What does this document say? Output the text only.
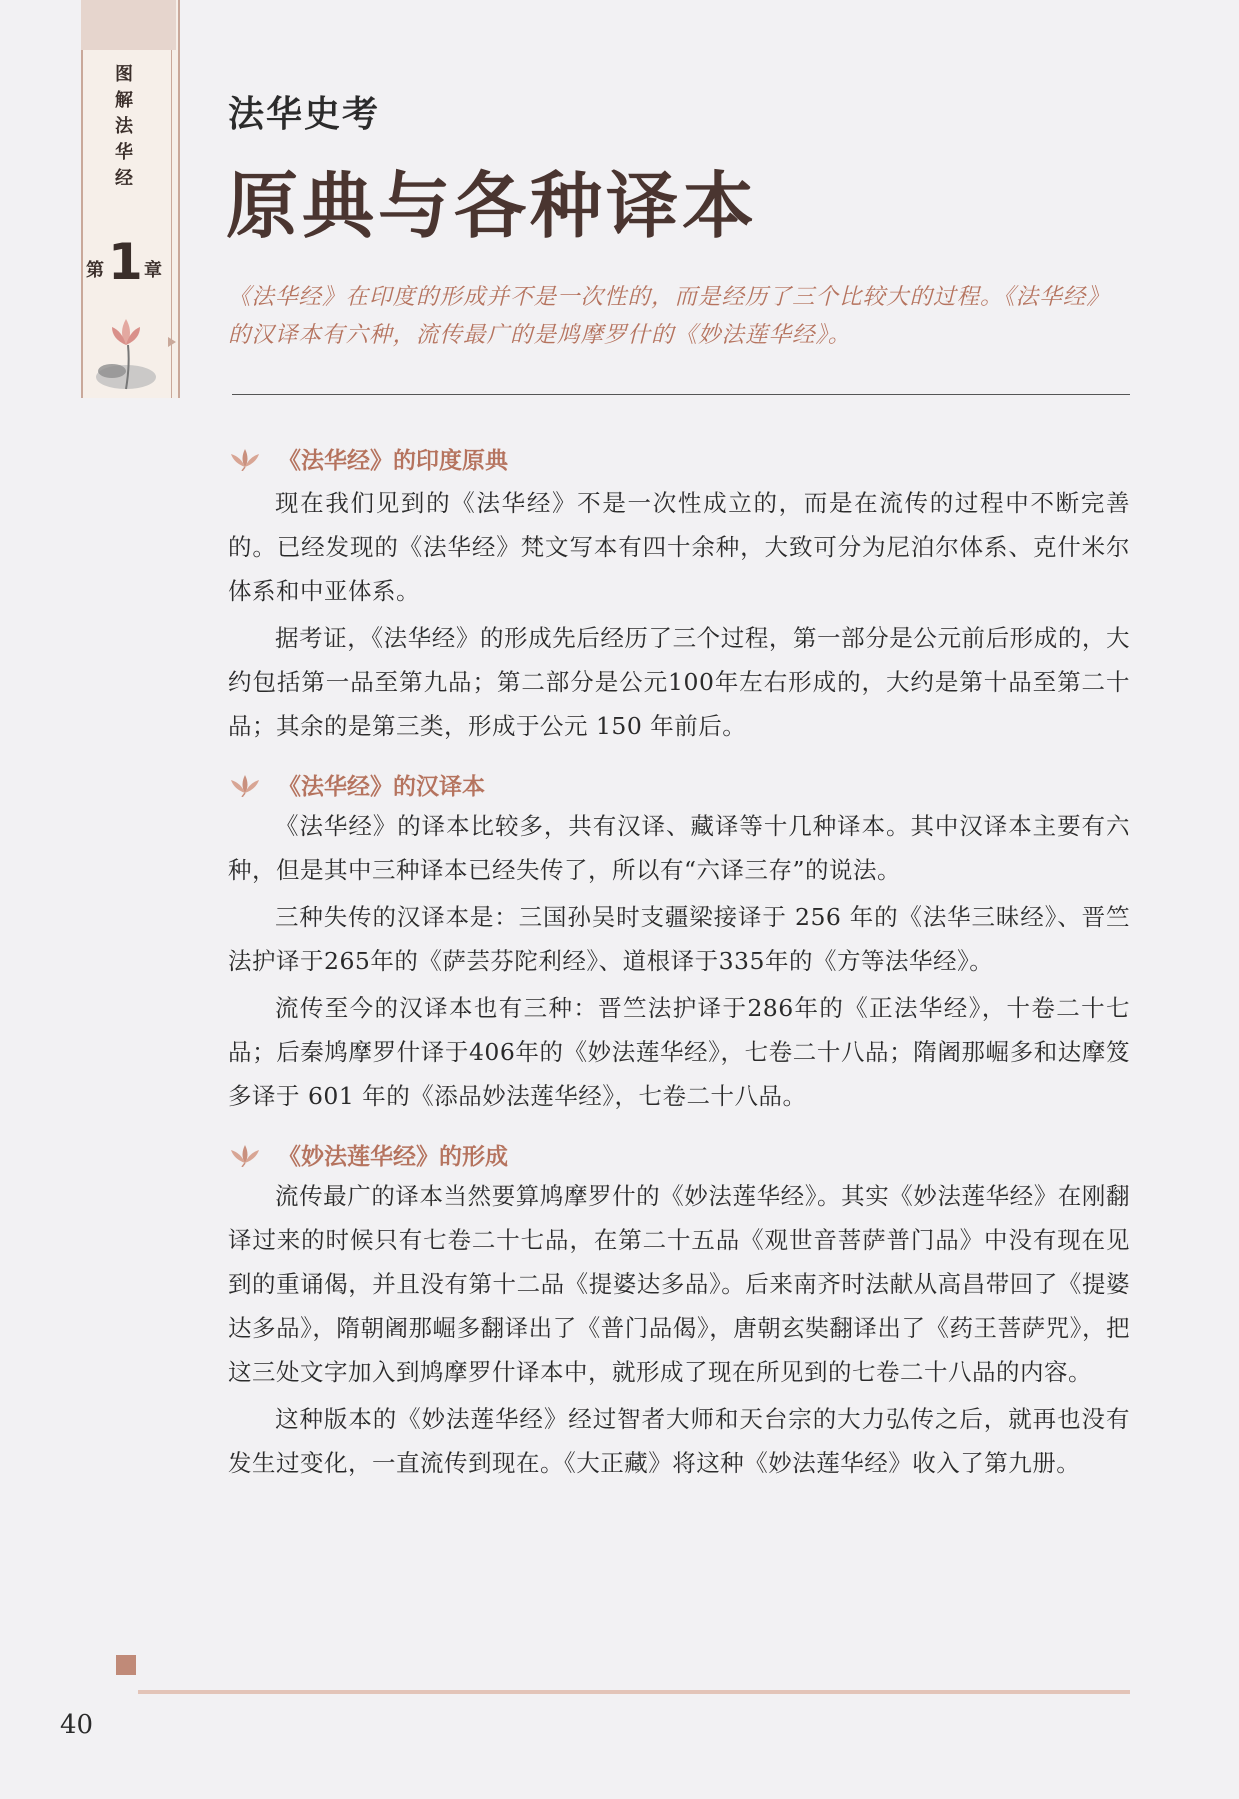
图
解
法
华
经
第 1 章
法华史考
原典与各种译本
《法华经》在印度的形成并不是一次性的，而是经历了三个比较大的过程。《法华经》的汉译本有六种，流传最广的是鸠摩罗什的《妙法莲华经》。
《法华经》的印度原典

现在我们见到的《法华经》不是一次性成立的，而是在流传的过程中不断完善的。已经发现的《法华经》梵文写本有四十余种，大致可分为尼泊尔体系、克什米尔体系和中亚体系。

据考证，《法华经》的形成先后经历了三个过程，第一部分是公元前后形成的，大约包括第一品至第九品；第二部分是公元100年左右形成的，大约是第十品至第二十品；其余的是第三类，形成于公元 150 年前后。

《法华经》的汉译本

《法华经》的译本比较多，共有汉译、藏译等十几种译本。其中汉译本主要有六种，但是其中三种译本已经失传了，所以有“六译三存”的说法。

三种失传的汉译本是：三国孙吴时支疆梁接译于 256 年的《法华三昧经》、晋竺法护译于265年的《萨芸芬陀利经》、道根译于335年的《方等法华经》。

流传至今的汉译本也有三种：晋竺法护译于286年的《正法华经》，十卷二十七品；后秦鸠摩罗什译于406年的《妙法莲华经》，七卷二十八品；隋阇那崛多和达摩笈多译于 601 年的《添品妙法莲华经》，七卷二十八品。

《妙法莲华经》的形成

流传最广的译本当然要算鸠摩罗什的《妙法莲华经》。其实《妙法莲华经》在刚翻译过来的时候只有七卷二十七品，在第二十五品《观世音菩萨普门品》中没有现在见到的重诵偈，并且没有第十二品《提婆达多品》。后来南齐时法献从高昌带回了《提婆达多品》，隋朝阇那崛多翻译出了《普门品偈》，唐朝玄奘翻译出了《药王菩萨咒》，把这三处文字加入到鸠摩罗什译本中，就形成了现在所见到的七卷二十八品的内容。

这种版本的《妙法莲华经》经过智者大师和天台宗的大力弘传之后，就再也没有发生过变化，一直流传到现在。《大正藏》将这种《妙法莲华经》收入了第九册。

40
